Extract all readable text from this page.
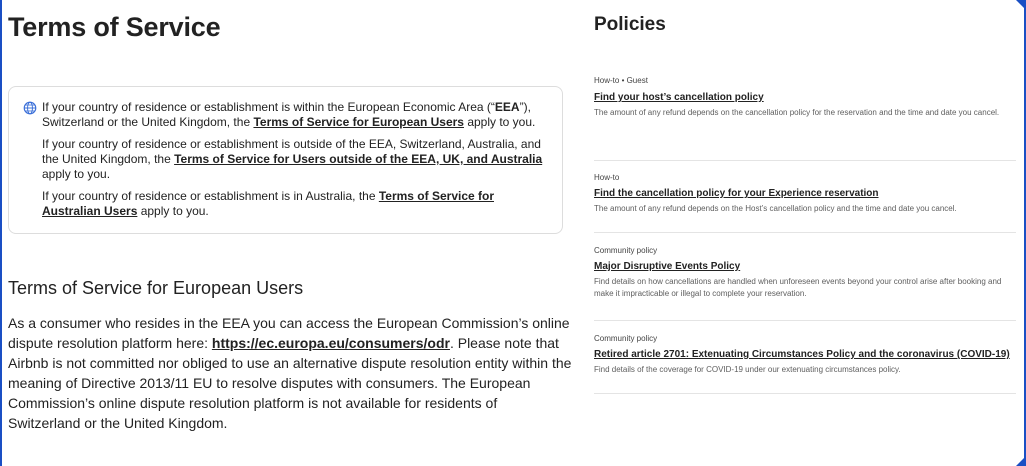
Terms of Service

If your country of residence or establishment is within the European Economic Area (“EEA”), Switzerland or the United Kingdom, the Terms of Service for European Users apply to you.

If your country of residence or establishment is outside of the EEA, Switzerland, Australia, and the United Kingdom, the Terms of Service for Users outside of the EEA, UK, and Australia apply to you.

If your country of residence or establishment is in Australia, the Terms of Service for Australian Users apply to you.

Terms of Service for European Users

As a consumer who resides in the EEA you can access the European Commission’s online dispute resolution platform here: https://ec.europa.eu/consumers/odr. Please note that Airbnb is not committed nor obliged to use an alternative dispute resolution entity within the meaning of Directive 2013/11 EU to resolve disputes with consumers. The European Commission’s online dispute resolution platform is not available for residents of Switzerland or the United Kingdom.

Policies
How-to • Guest
Find your host’s cancellation policy
The amount of any refund depends on the cancellation policy for the reservation and the time and date you cancel.
How-to
Find the cancellation policy for your Experience reservation
The amount of any refund depends on the Host’s cancellation policy and the time and date you cancel.
Community policy
Major Disruptive Events Policy
Find details on how cancellations are handled when unforeseen events beyond your control arise after booking and make it impracticable or illegal to complete your reservation.
Community policy
Retired article 2701: Extenuating Circumstances Policy and the coronavirus (COVID-19)
Find details of the coverage for COVID-19 under our extenuating circumstances policy.
